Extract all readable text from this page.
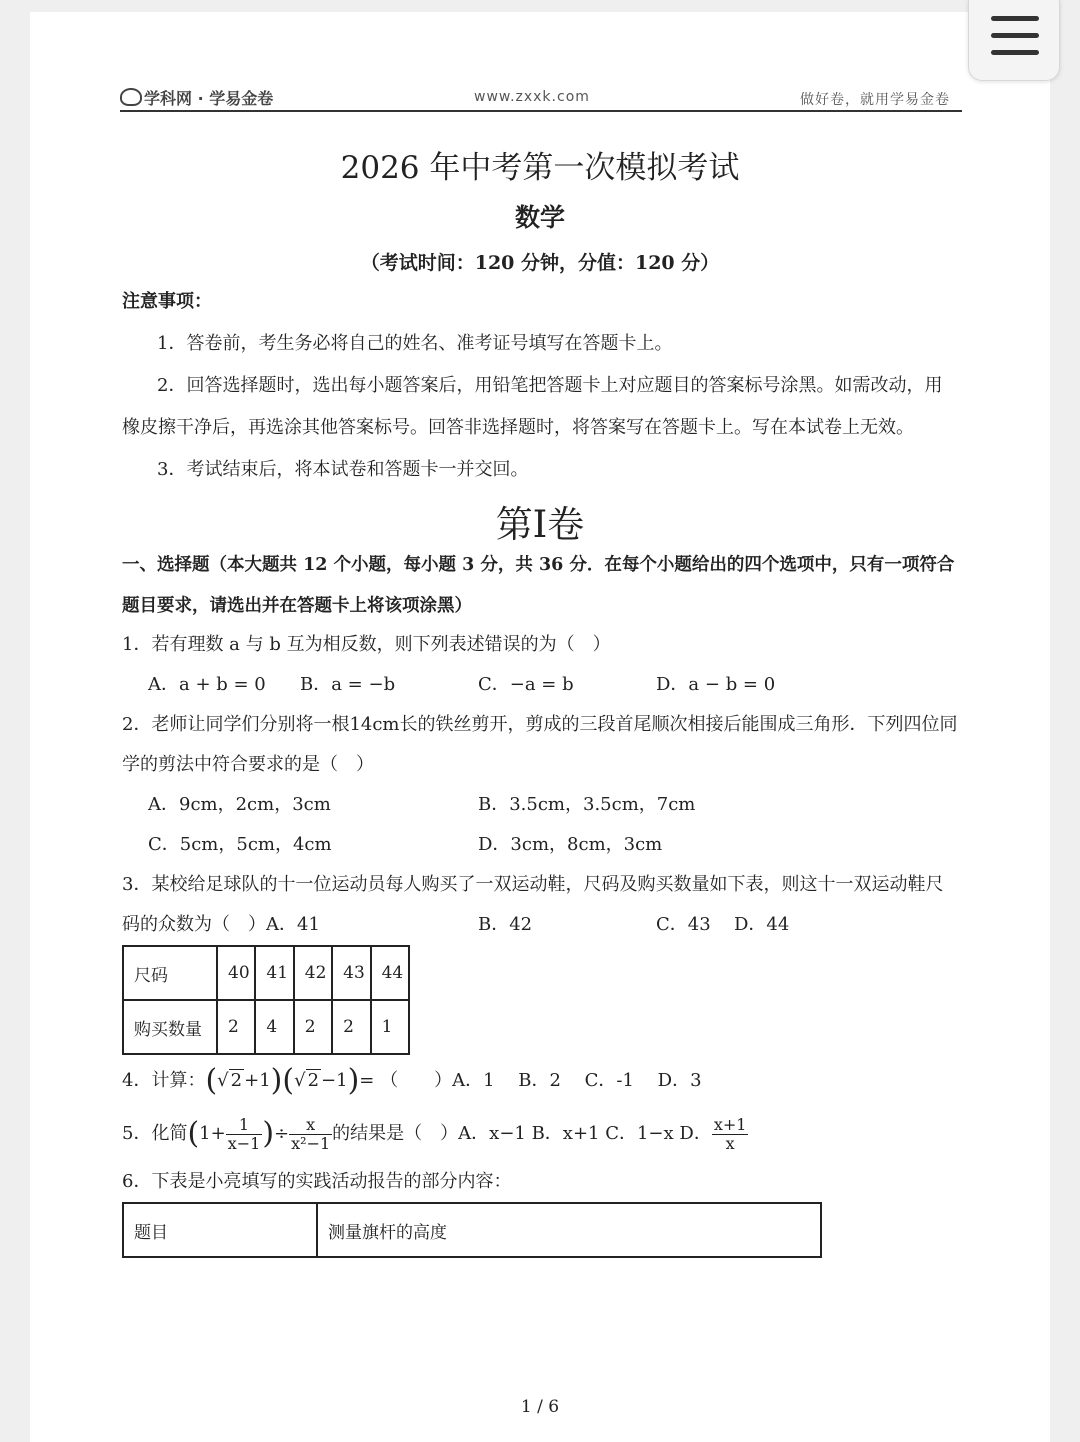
学科网 · 学易金卷	www.zxxk.com	做好卷，就用学易金卷
2026 年中考第一次模拟考试
数学
（考试时间：120 分钟，分值：120 分）
注意事项：
1．答卷前，考生务必将自己的姓名、准考证号填写在答题卡上。
2．回答选择题时，选出每小题答案后，用铅笔把答题卡上对应题目的答案标号涂黑。如需改动，用
橡皮擦干净后，再选涂其他答案标号。回答非选择题时，将答案写在答题卡上。写在本试卷上无效。
3．考试结束后，将本试卷和答题卡一并交回。
第I卷
一、选择题（本大题共 12 个小题，每小题 3 分，共 36 分．在每个小题给出的四个选项中，只有一项符合
题目要求，请选出并在答题卡上将该项涂黑）
1．若有理数 a 与 b 互为相反数，则下列表述错误的为（　）
A．a + b = 0 B．a = −b	C．−a = b	D．a − b = 0
2．老师让同学们分别将一根14cm长的铁丝剪开，剪成的三段首尾顺次相接后能围成三角形．下列四位同
学的剪法中符合要求的是（　）
A．9cm，2cm，3cm	B．3.5cm，3.5cm，7cm
C．5cm，5cm，4cm	D．3cm，8cm，3cm
3．某校给足球队的十一位运动员每人购买了一双运动鞋，尺码及购买数量如下表，则这十一双运动鞋尺
码的众数为（　）A．41	B．42	C．43 D．44
尺码	40	41	42	43	44
购买数量	2	4	2	2	1
4．计算：(√ 2 +1)(√ 2 −1)= （　　）A．1　 B．2　 C．-1　 D．3
5．化简($1+ \frac{1}{x-1}$ )÷ $\frac{x}{\text{x²−1}}$ 的结果是（　）A．x−1 B．x+1 C．1−x D． $\frac{x+1}{x}$
6．下表是小亮填写的实践活动报告的部分内容：
题目	测量旗杆的高度
1 / 6
